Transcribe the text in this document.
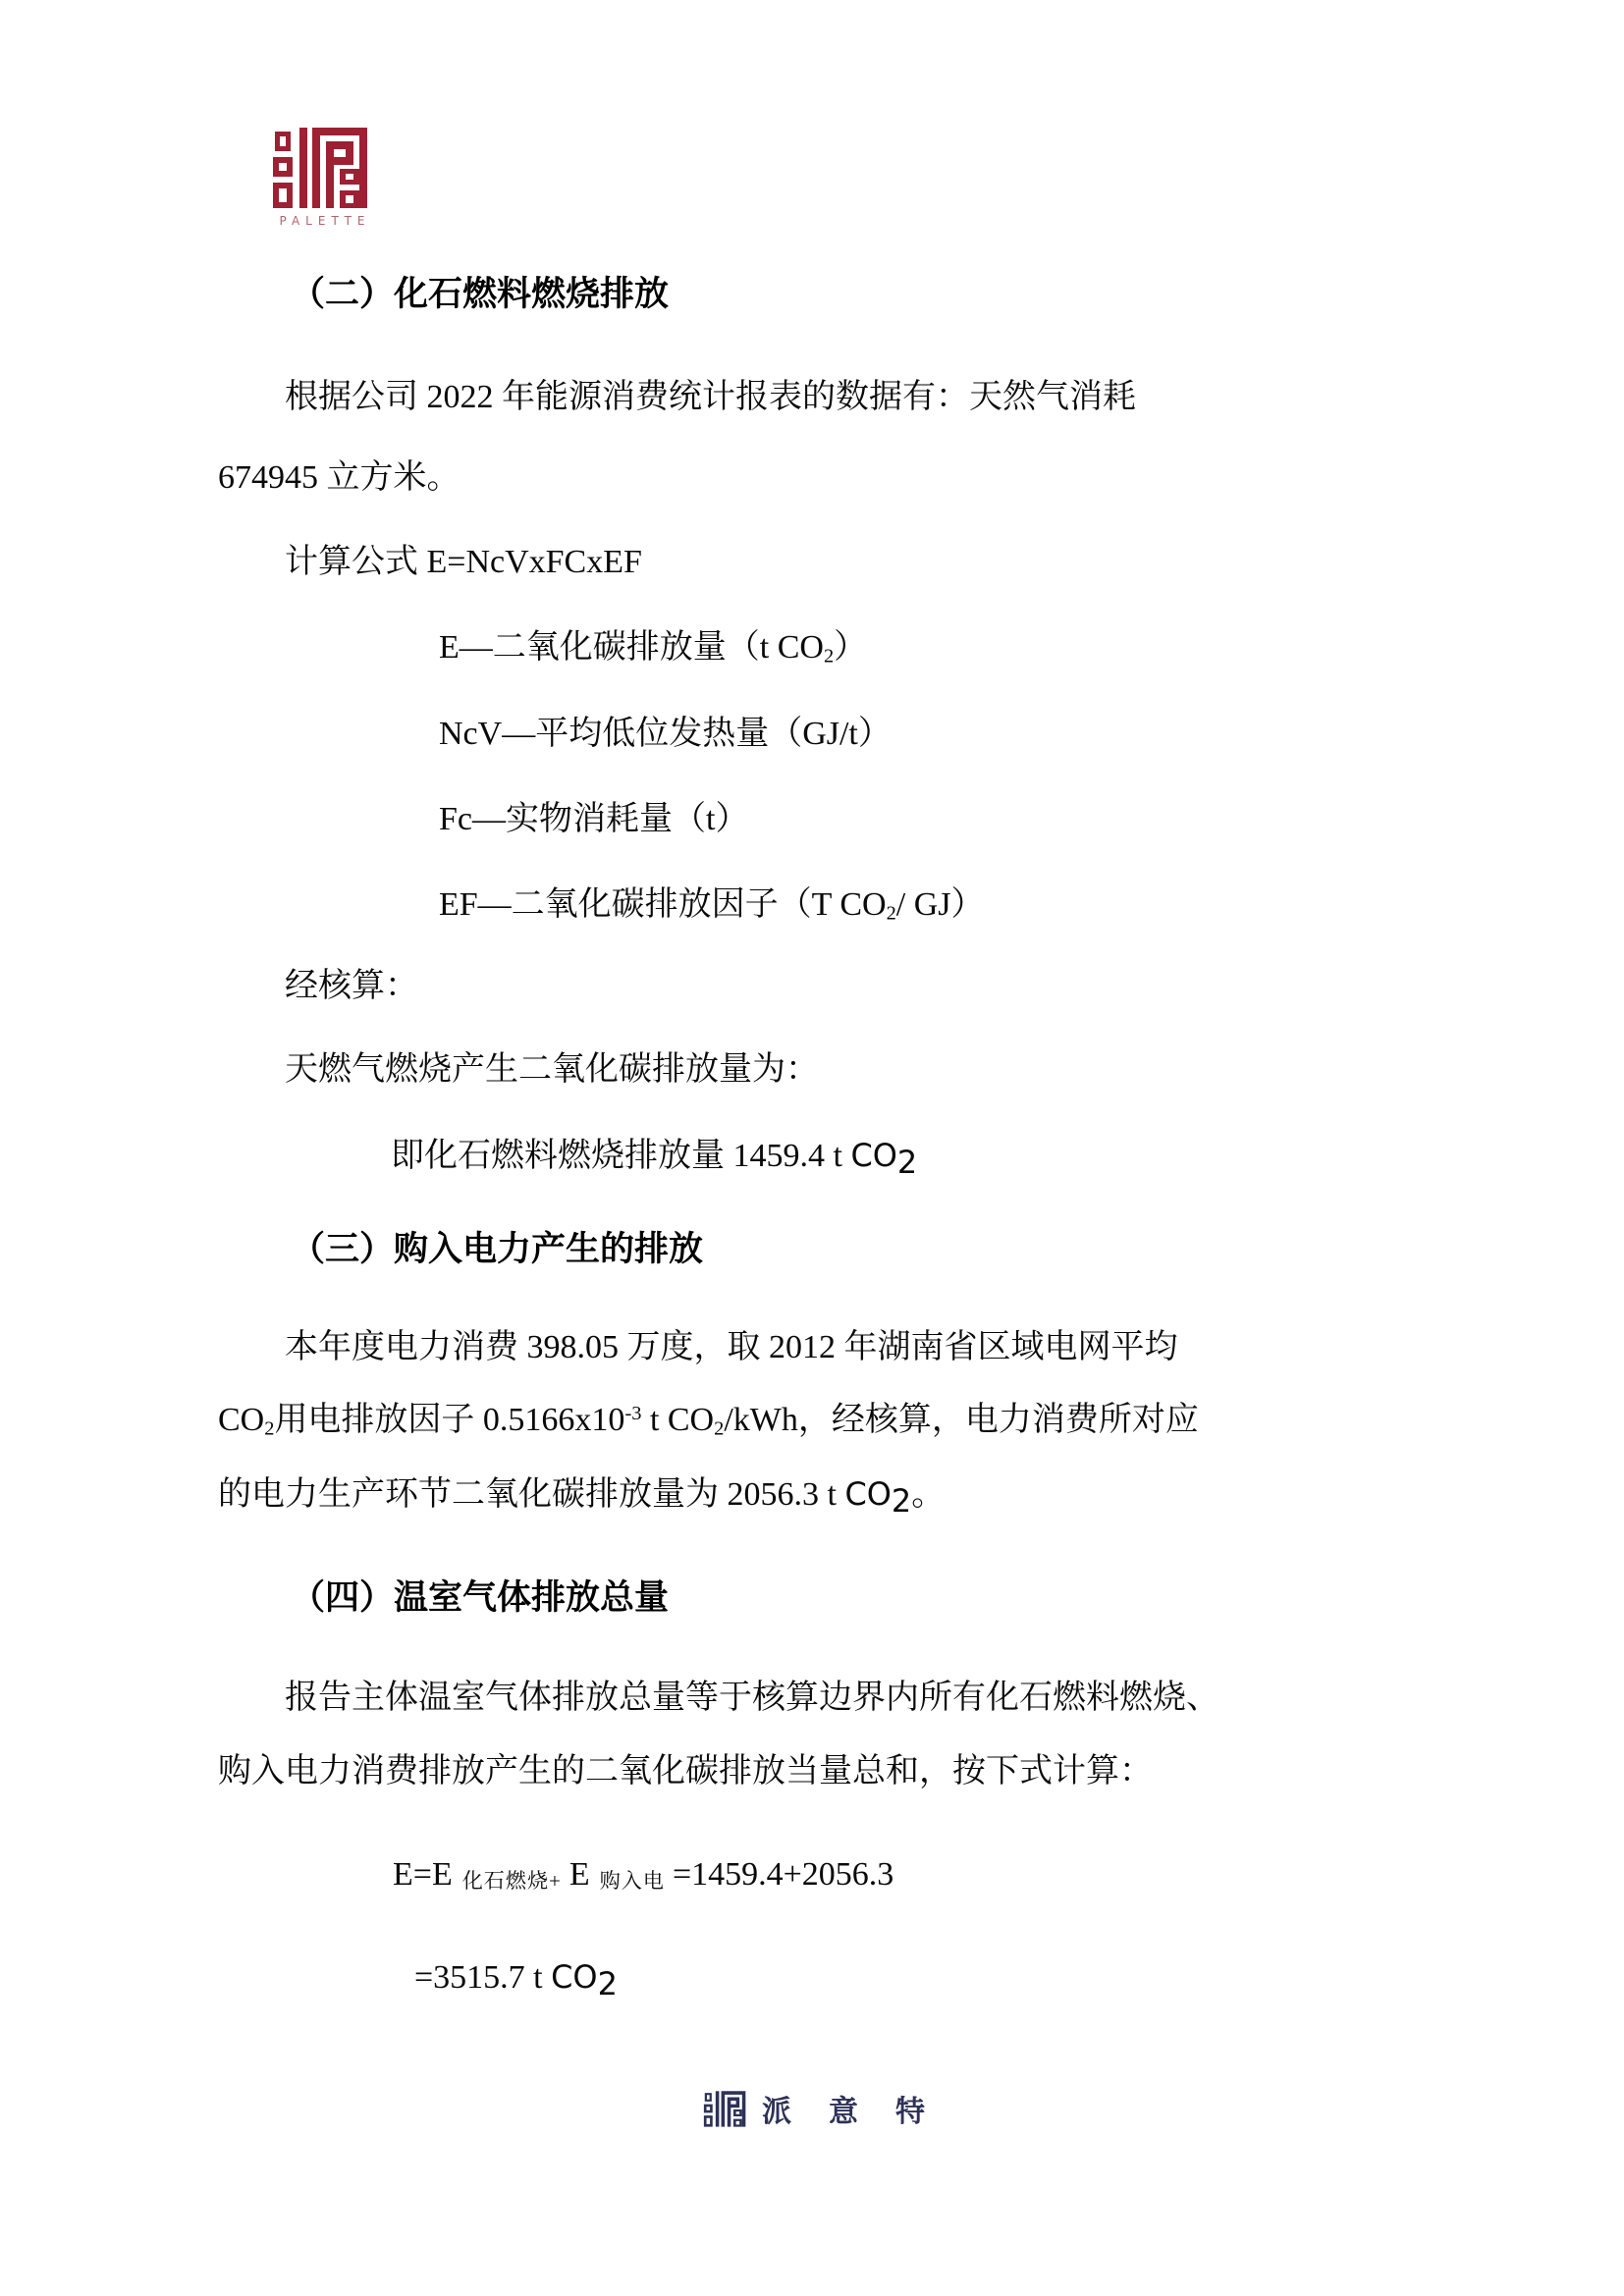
PALETTE
（二）化石燃料燃烧排放
根据公司 2022 年能源消费统计报表的数据有：天然气消耗
674945 立方米。
计算公式 E=NcVxFCxEF
E—二氧化碳排放量（t $CO_2$）
NcV—平均低位发热量（GJ/t）
Fc—实物消耗量（t）
EF—二氧化碳排放因子（T $CO_2/$ GJ）
经核算：
天燃气燃烧产生二氧化碳排放量为：
即化石燃料燃烧排放量 1459.4 t $CO_2$
（三）购入电力产生的排放
本年度电力消费 398.05 万度，取 2012 年湖南省区域电网平均
$CO_2$用电排放因子 $0.5166x10^{-3}$ t $CO_2$/kWh，经核算，电力消费所对应
的电力生产环节二氧化碳排放量为 2056.3 t $CO_2$。
（四）温室气体排放总量
报告主体温室气体排放总量等于核算边界内所有化石燃料燃烧、
购入电力消费排放产生的二氧化碳排放当量总和，按下式计算：
E=E $_{化石燃烧+}$ E $_{购入电}$ =1459.4+2056.3
=3515.7 t $CO_2$
派意特
